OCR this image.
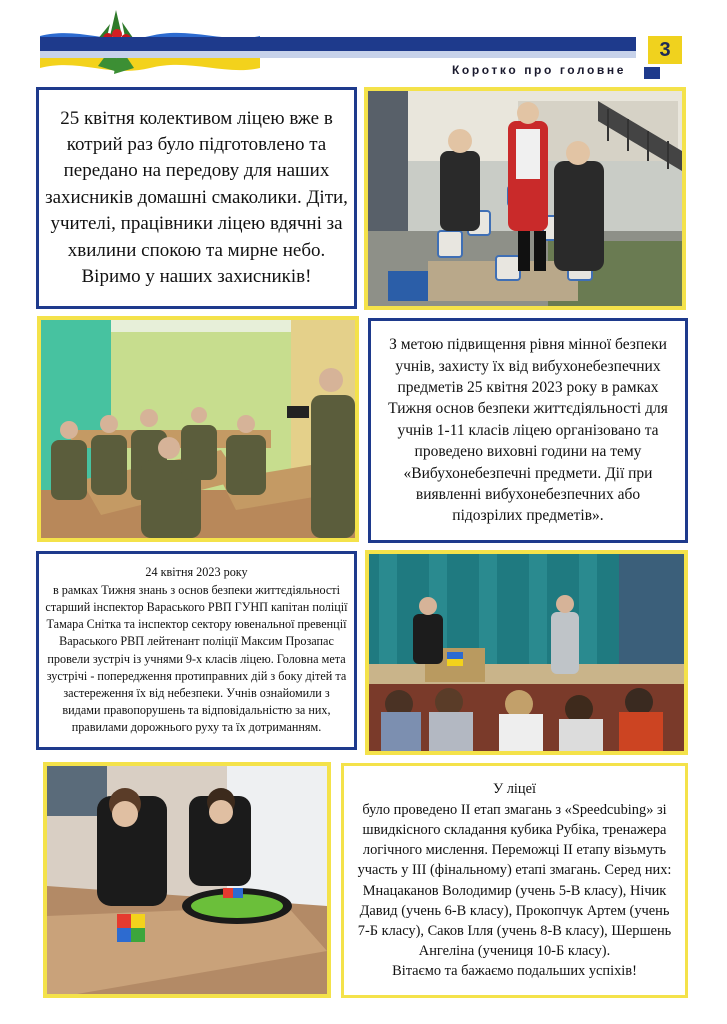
3
Коротко про головне
25 квітня колективом ліцею вже в котрий раз було підготовлено та передано на передову для наших захисників домашні смаколики. Діти, учителі, працівники ліцею вдячні за хвилини спокою та мирне небо. Віримо у наших захисників!
З метою підвищення рівня мінної безпеки учнів, захисту їх від вибухонебезпечних предметів 25 квітня 2023 року в рамках Тижня основ безпеки життєдіяльності для учнів 1-11 класів ліцею організовано та проведено виховні години на тему «Вибухонебезпечні предмети. Дії при виявленні вибухонебезпечних або підозрілих предметів».
24 квітня 2023 року
в рамках Тижня знань з основ безпеки життєдіяльності старший інспектор Вараського РВП ГУНП капітан поліції Тамара Снітка та інспектор сектору ювенальної превенції Вараського РВП лейтенант поліції Максим Прозапас провели зустріч із учнями 9-х класів ліцею. Головна мета зустрічі - попередження протиправних дій з боку дітей та застереження їх від небезпеки. Учнів ознайомили з видами правопорушень та відповідальністю за них, правилами дорожнього руху та їх дотриманням.
У ліцеї
було проведено ІІ етап змагань з «Speedcubing» зі швидкісного складання кубика Рубіка, тренажера логічного мислення. Переможці ІІ етапу візьмуть участь у ІІІ (фінальному) етапі змагань. Серед них: Мнацаканов Володимир (учень 5-В класу), Нічик Давид (учень 6-В класу), Прокопчук Артем (учень 7-Б класу), Саков Ілля (учень 8-В класу), Шершень Ангеліна (учениця 10-Б класу).
Вітаємо та бажаємо подальших успіхів!
